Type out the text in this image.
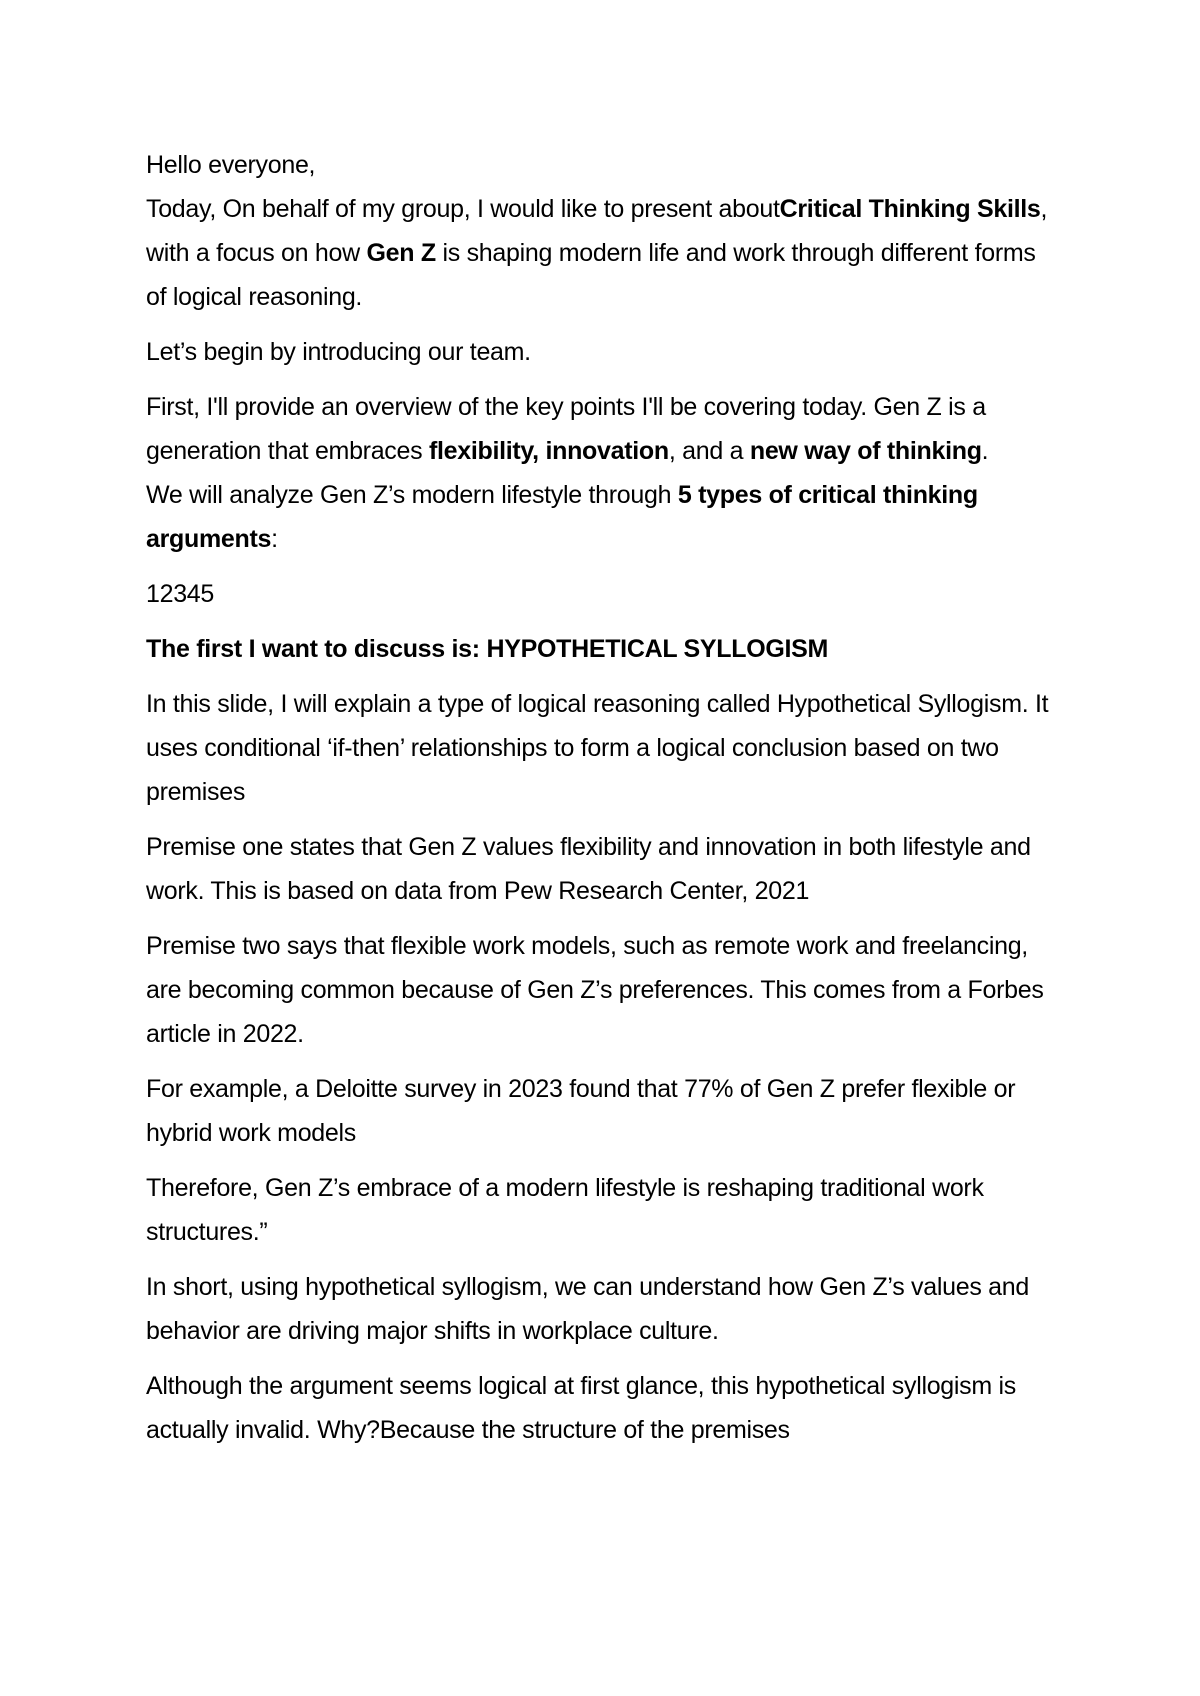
Hello everyone,

Today, On behalf of my group, I would like to present aboutCritical Thinking Skills, with a focus on how Gen Z is shaping modern life and work through different forms of logical reasoning.

Let’s begin by introducing our team.

First, I'll provide an overview of the key points I'll be covering today. Gen Z is a generation that embraces flexibility, innovation, and a new way of thinking.

We will analyze Gen Z’s modern lifestyle through 5 types of critical thinking arguments:

12345

The first I want to discuss is: HYPOTHETICAL SYLLOGISM

In this slide, I will explain a type of logical reasoning called Hypothetical Syllogism. It uses conditional ‘if-then’ relationships to form a logical conclusion based on two premises

Premise one states that Gen Z values flexibility and innovation in both lifestyle and work. This is based on data from Pew Research Center, 2021

Premise two says that flexible work models, such as remote work and freelancing, are becoming common because of Gen Z’s preferences. This comes from a Forbes article in 2022.

For example, a Deloitte survey in 2023 found that 77% of Gen Z prefer flexible or hybrid work models

Therefore, Gen Z’s embrace of a modern lifestyle is reshaping traditional work structures.”

In short, using hypothetical syllogism, we can understand how Gen Z’s values and behavior are driving major shifts in workplace culture.

Although the argument seems logical at first glance, this hypothetical syllogism is actually invalid. Why?Because the structure of the premises
